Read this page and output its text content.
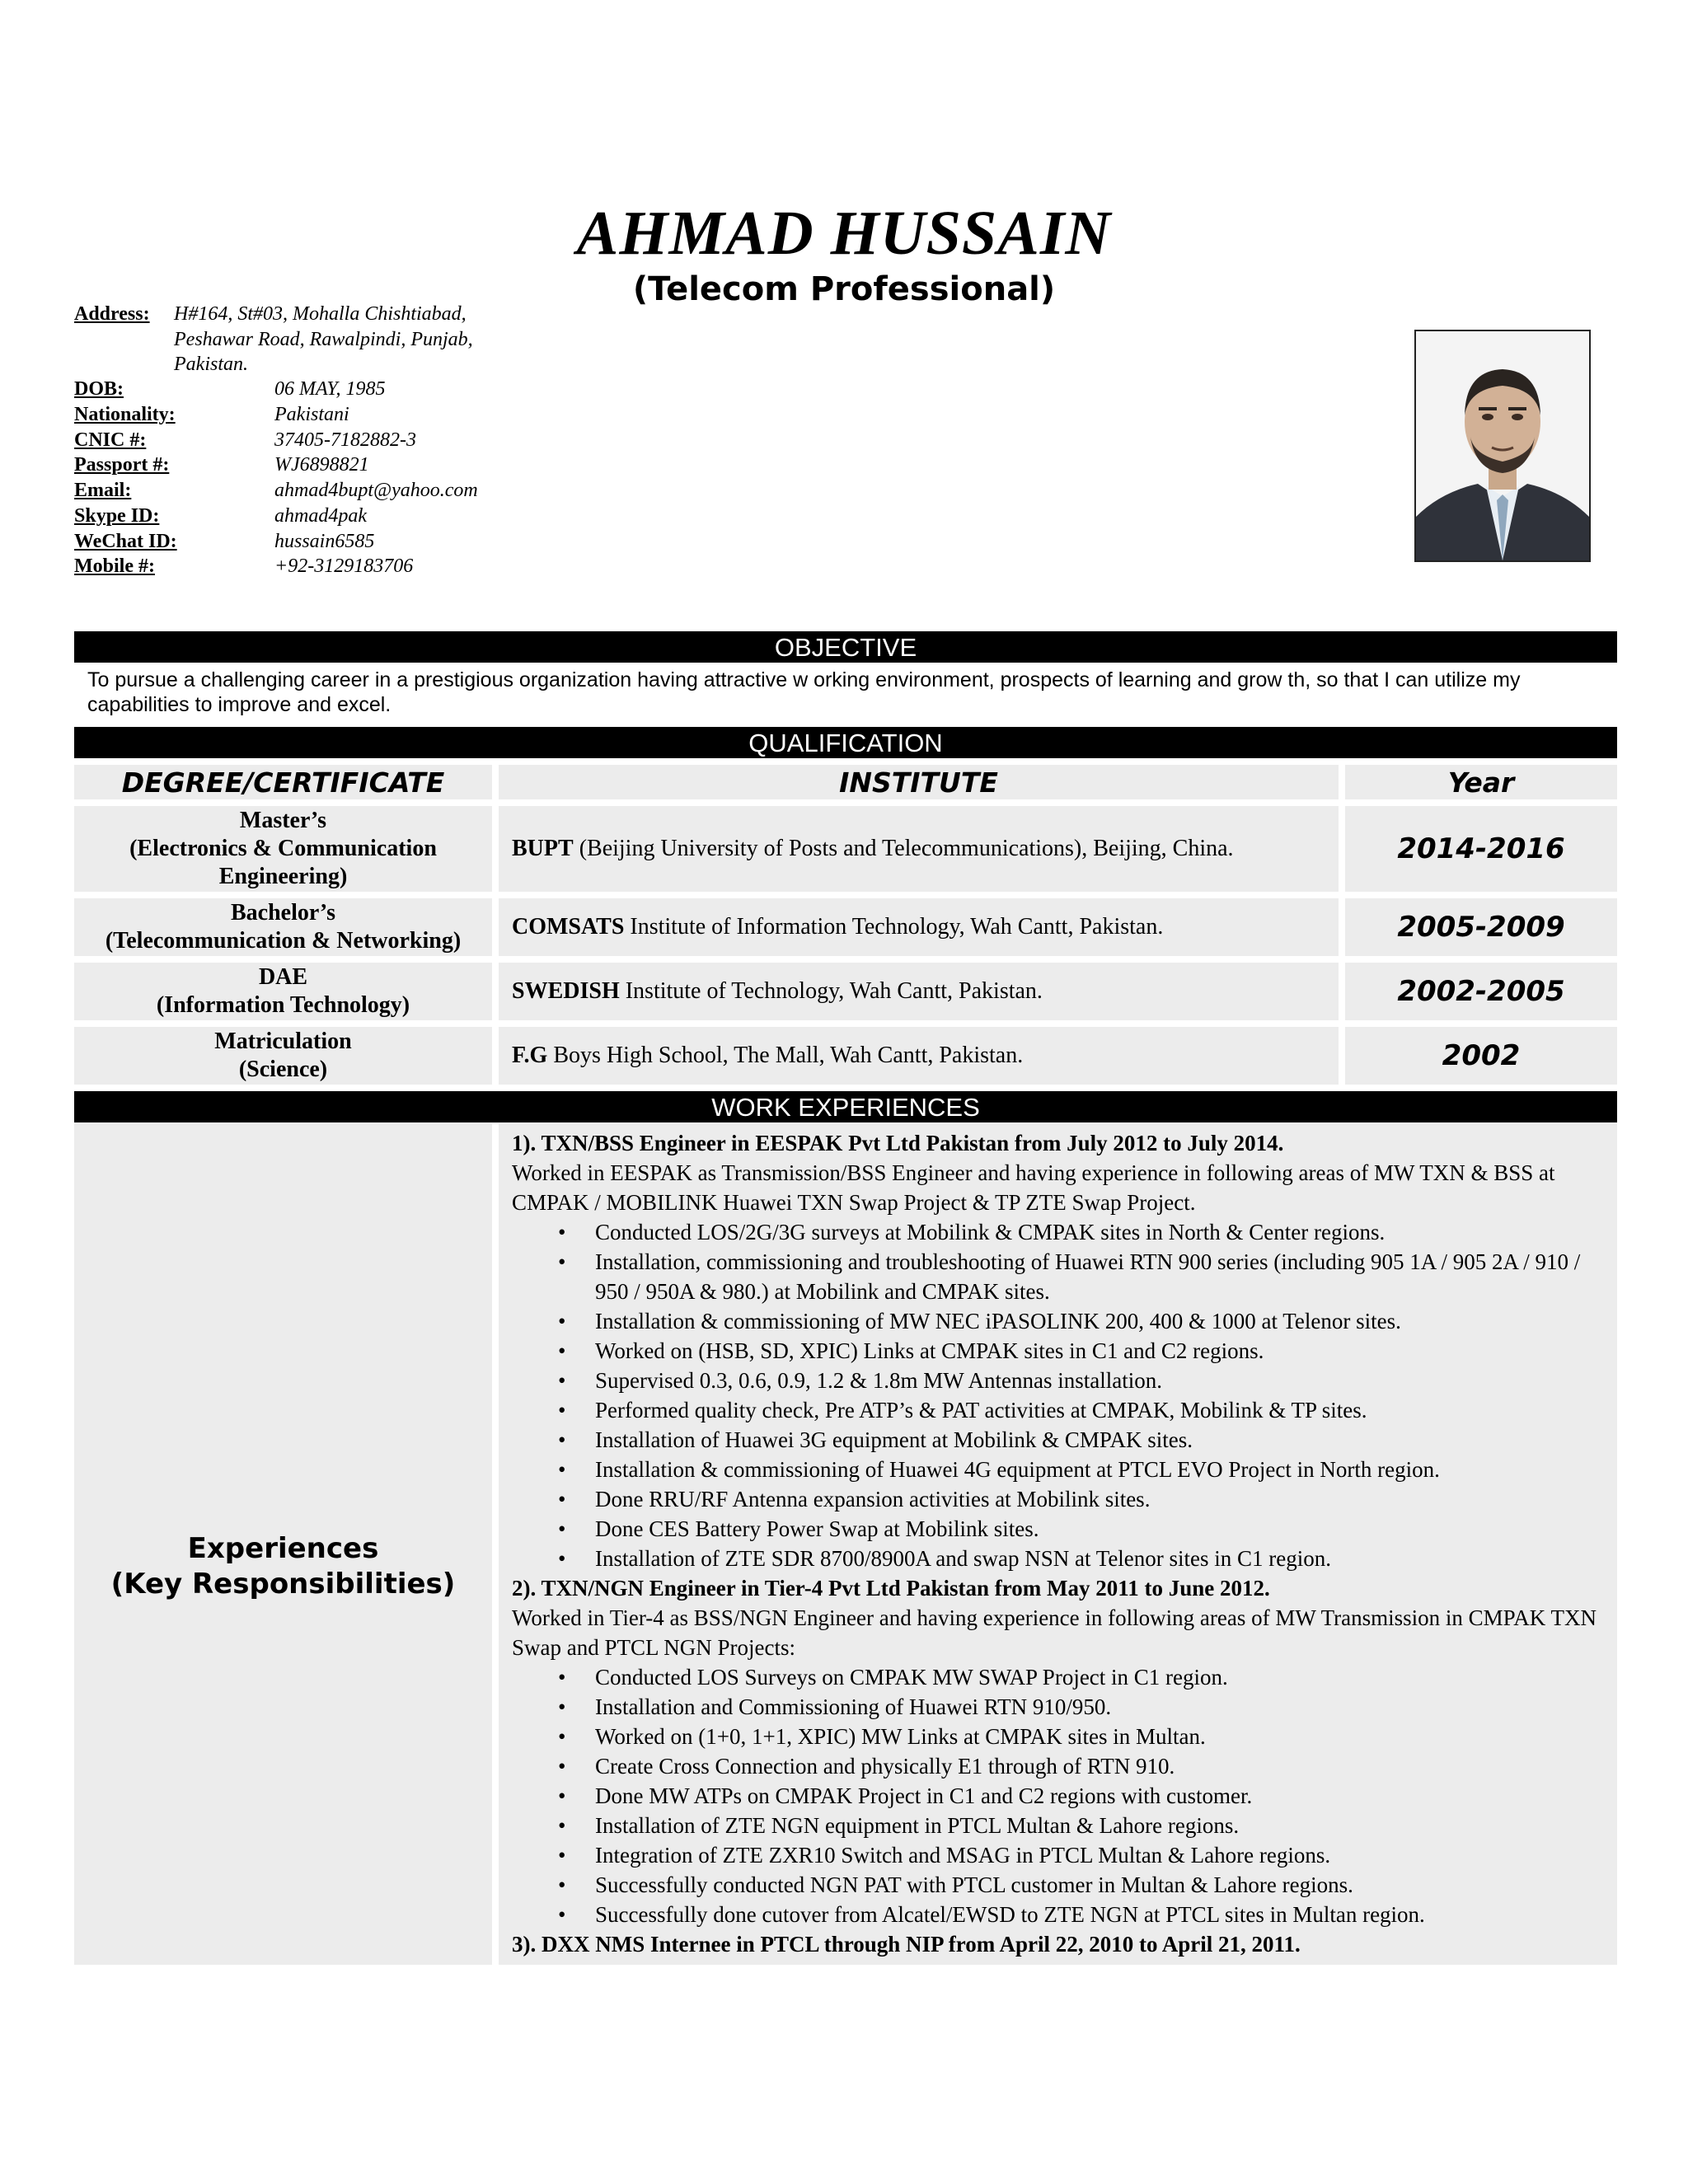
AHMAD HUSSAIN
(Telecom Professional)
Address: H#164, St#03, Mohalla Chishtiabad,
Peshawar Road, Rawalpindi, Punjab,
Pakistan.
DOB:	06 MAY, 1985
Nationality:	Pakistani
CNIC #:	37405-7182882-3
Passport #:	WJ6898821
Email:	ahmad4bupt@yahoo.com
Skype ID:	ahmad4pak
WeChat ID:	hussain6585
Mobile #:	+92-3129183706
OBJECTIVE
To pursue a challenging career in a prestigious organization having attractive w orking environment, prospects of learning and grow th, so that I can utilize my capabilities to improve and excel.
QUALIFICATION
DEGREE/CERTIFICATE	INSTITUTE	Year
Master’s
(Electronics & Communication
Engineering)
BUPT (Beijing University of Posts and Telecommunications), Beijing, China.	2014-2016
Bachelor’s
(Telecommunication & Networking)
COMSATS Institute of Information Technology, Wah Cantt, Pakistan.	2005-2009
DAE
(Information Technology)
SWEDISH Institute of Technology, Wah Cantt, Pakistan.	2002-2005
Matriculation
(Science)
F.G Boys High School, The Mall, Wah Cantt, Pakistan.	2002
WORK EXPERIENCES
Experiences
(Key Responsibilities)
1). TXN/BSS Engineer in EESPAK Pvt Ltd Pakistan from July 2012 to July 2014.
Worked in EESPAK as Transmission/BSS Engineer and having experience in following areas of MW TXN & BSS at CMPAK / MOBILINK Huawei TXN Swap Project & TP ZTE Swap Project.
• Conducted LOS/2G/3G surveys at Mobilink & CMPAK sites in North & Center regions.
• Installation, commissioning and troubleshooting of Huawei RTN 900 series (including 905 1A / 905 2A / 910 / 950 / 950A & 980.) at Mobilink and CMPAK sites.
• Installation & commissioning of MW NEC iPASOLINK 200, 400 & 1000 at Telenor sites.
• Worked on (HSB, SD, XPIC) Links at CMPAK sites in C1 and C2 regions.
• Supervised 0.3, 0.6, 0.9, 1.2 & 1.8m MW Antennas installation.
• Performed quality check, Pre ATP’s & PAT activities at CMPAK, Mobilink & TP sites.
• Installation of Huawei 3G equipment at Mobilink & CMPAK sites.
• Installation & commissioning of Huawei 4G equipment at PTCL EVO Project in North region.
• Done RRU/RF Antenna expansion activities at Mobilink sites.
• Done CES Battery Power Swap at Mobilink sites.
• Installation of ZTE SDR 8700/8900A and swap NSN at Telenor sites in C1 region.
2). TXN/NGN Engineer in Tier-4 Pvt Ltd Pakistan from May 2011 to June 2012.
Worked in Tier-4 as BSS/NGN Engineer and having experience in following areas of MW Transmission in CMPAK TXN Swap and PTCL NGN Projects:
• Conducted LOS Surveys on CMPAK MW SWAP Project in C1 region.
• Installation and Commissioning of Huawei RTN 910/950.
• Worked on (1+0, 1+1, XPIC) MW Links at CMPAK sites in Multan.
• Create Cross Connection and physically E1 through of RTN 910.
• Done MW ATPs on CMPAK Project in C1 and C2 regions with customer.
• Installation of ZTE NGN equipment in PTCL Multan & Lahore regions.
• Integration of ZTE ZXR10 Switch and MSAG in PTCL Multan & Lahore regions.
• Successfully conducted NGN PAT with PTCL customer in Multan & Lahore regions.
• Successfully done cutover from Alcatel/EWSD to ZTE NGN at PTCL sites in Multan region.
3). DXX NMS Internee in PTCL through NIP from April 22, 2010 to April 21, 2011.
